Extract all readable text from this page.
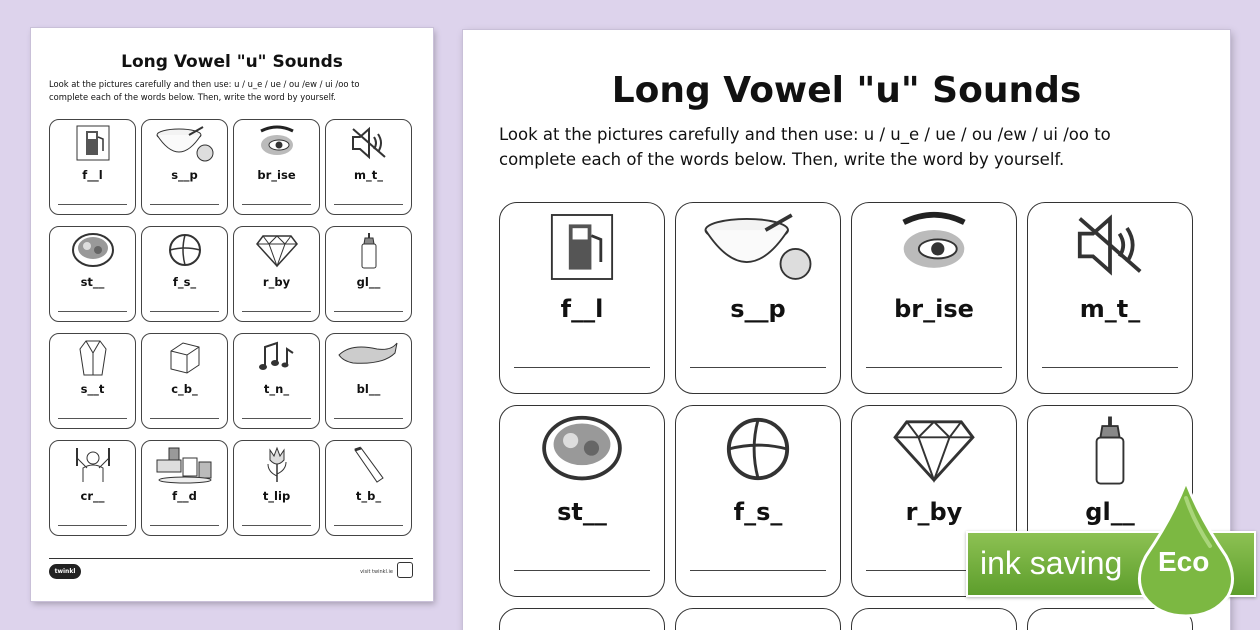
Long Vowel "u" Sounds
Look at the pictures carefully and then use: u / u_e / ue / ou /ew / ui /oo to
complete each of the words below. Then, write the word by yourself.
f__l	s__p	br_ise	m_t_
st__	f_s_	r_by	gl__
s__t	c_b_	t_n_	bl__
cr__	f__d	t_lip	t_b_
twinkl	visit twinkl.ie
Long Vowel "u" Sounds
Look at the pictures carefully and then use: u / u_e / ue / ou /ew / ui /oo to
complete each of the words below. Then, write the word by yourself.
f__l	s__p	br_ise	m_t_
st__	f_s_	r_by	gl__
ink saving Eco
